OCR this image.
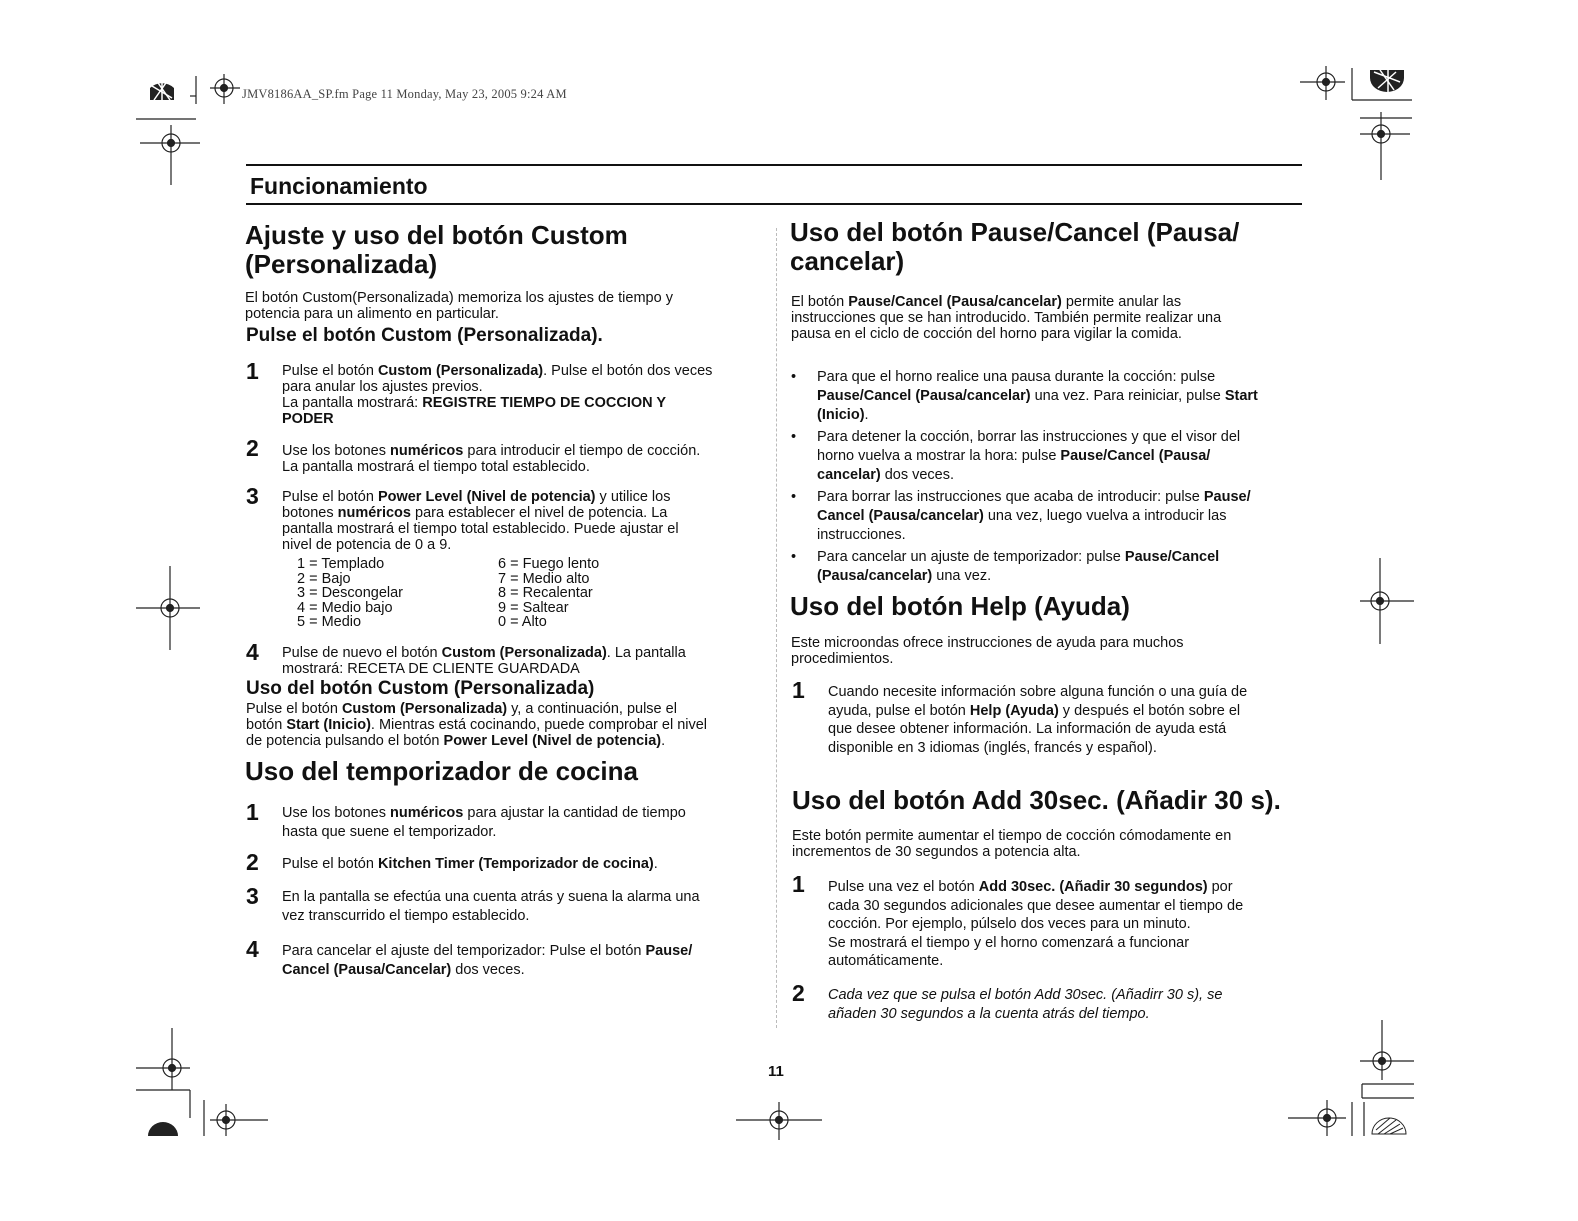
JMV8186AA_SP.fm Page 11 Monday, May 23, 2005 9:24 AM
Funcionamiento
Ajuste y uso del botón Custom
(Personalizada)

El botón Custom(Personalizada) memoriza los ajustes de tiempo y
potencia para un alimento en particular.

Pulse el botón Custom (Personalizada).
1 Pulse el botón Custom (Personalizada). Pulse el botón dos veces
para anular los ajustes previos.
La pantalla mostrará: REGISTRE TIEMPO DE COCCION Y
PODER

2 Use los botones numéricos para introducir el tiempo de cocción.
La pantalla mostrará el tiempo total establecido.

3 Pulse el botón Power Level (Nivel de potencia) y utilice los
botones numéricos para establecer el nivel de potencia. La
pantalla mostrará el tiempo total establecido. Puede ajustar el
nivel de potencia de 0 a 9.

1 = Templado
2 = Bajo
3 = Descongelar
4 = Medio bajo
5 = Medio
6 = Fuego lento
7 = Medio alto
8 = Recalentar
9 = Saltear
0 = Alto
4 Pulse de nuevo el botón Custom (Personalizada). La pantalla
mostrará: RECETA DE CLIENTE GUARDADA

Uso del botón Custom (Personalizada)

Pulse el botón Custom (Personalizada) y, a continuación, pulse el
botón Start (Inicio). Mientras está cocinando, puede comprobar el nivel
de potencia pulsando el botón Power Level (Nivel de potencia).

Uso del temporizador de cocina
1 Use los botones numéricos para ajustar la cantidad de tiempo
hasta que suene el temporizador.

2 Pulse el botón Kitchen Timer (Temporizador de cocina).

3 En la pantalla se efectúa una cuenta atrás y suena la alarma una
vez transcurrido el tiempo establecido.

4 Para cancelar el ajuste del temporizador: Pulse el botón Pause/
Cancel (Pausa/Cancelar) dos veces.

Uso del botón Pause/Cancel (Pausa/
cancelar)

El botón Pause/Cancel (Pausa/cancelar) permite anular las
instrucciones que se han introducido. También permite realizar una
pausa en el ciclo de cocción del horno para vigilar la comida.

• Para que el horno realice una pausa durante la cocción: pulse
Pause/Cancel (Pausa/cancelar) una vez. Para reiniciar, pulse Start
(Inicio).
• Para detener la cocción, borrar las instrucciones y que el visor del
horno vuelva a mostrar la hora: pulse Pause/Cancel (Pausa/
cancelar) dos veces.
• Para borrar las instrucciones que acaba de introducir: pulse Pause/
Cancel (Pausa/cancelar) una vez, luego vuelva a introducir las
instrucciones.
• Para cancelar un ajuste de temporizador: pulse Pause/Cancel
(Pausa/cancelar) una vez.
Uso del botón Help (Ayuda)

Este microondas ofrece instrucciones de ayuda para muchos
procedimientos.

1 Cuando necesite información sobre alguna función o una guía de
ayuda, pulse el botón Help (Ayuda) y después el botón sobre el
que desee obtener información. La información de ayuda está
disponible en 3 idiomas (inglés, francés y español).

Uso del botón Add 30sec. (Añadir 30 s).

Este botón permite aumentar el tiempo de cocción cómodamente en
incrementos de 30 segundos a potencia alta.

1 Pulse una vez el botón Add 30sec. (Añadir 30 segundos) por
cada 30 segundos adicionales que desee aumentar el tiempo de
cocción. Por ejemplo, púlselo dos veces para un minuto.
Se mostrará el tiempo y el horno comenzará a funcionar
automáticamente.

2 Cada vez que se pulsa el botón Add 30sec. (Añadirr 30 s), se
añaden 30 segundos a la cuenta atrás del tiempo.

11
